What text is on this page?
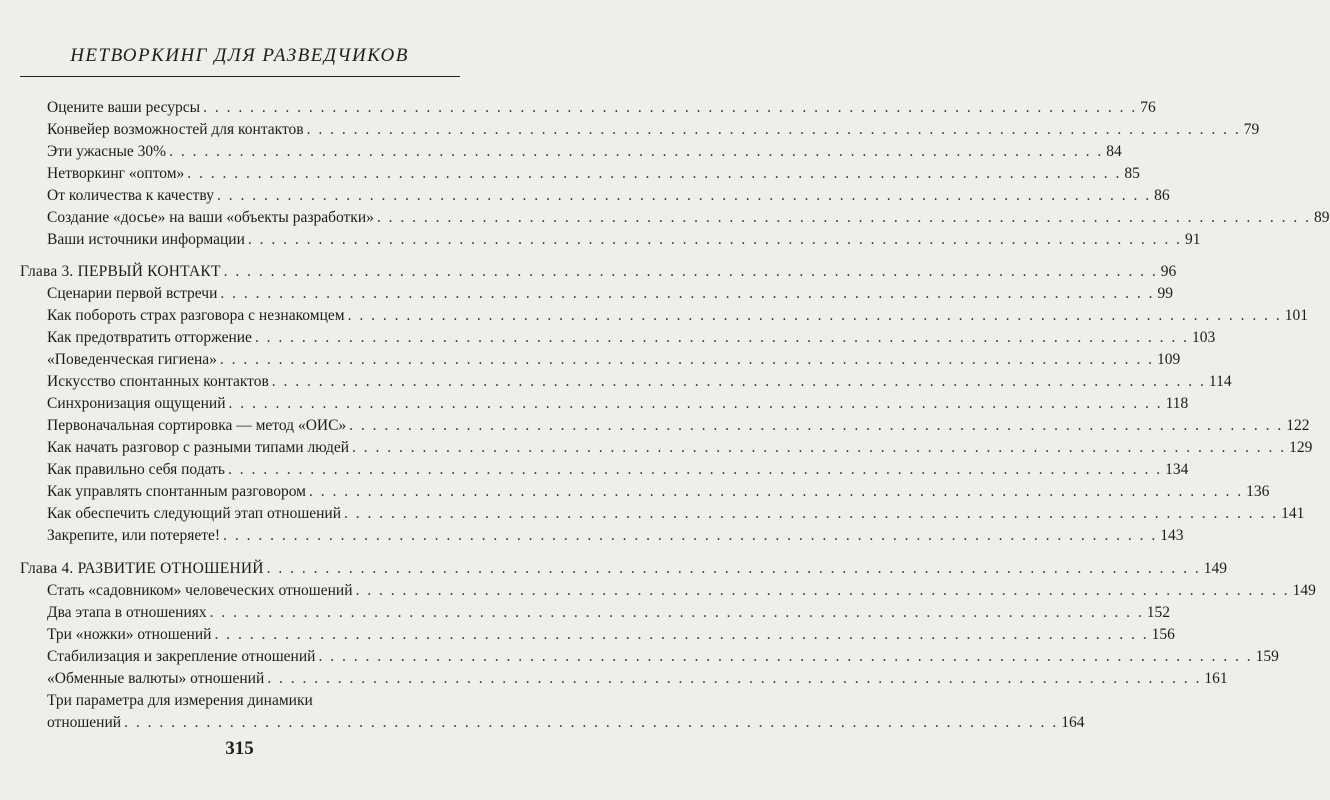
НЕТВОРКИНГ ДЛЯ РАЗВЕДЧИКОВ
Оцените ваши ресурсы . . . . . . . . . . . . . . . . . . . . . . . . . . . . . . . . . . . . . . . . . . . . . . . . . . . . . . . . . . . . . . . . . . . . . . . . . . . . . . . . 76
Конвейер возможностей для контактов . . . . . . . . . . . . . . . . . . . . . . . . . . . . . . . . . . . . . . . . . . . . . . . . . . . . . . . . . . . . . . . . . . . . . . . . . . . . . . . . 79
Эти ужасные 30% . . . . . . . . . . . . . . . . . . . . . . . . . . . . . . . . . . . . . . . . . . . . . . . . . . . . . . . . . . . . . . . . . . . . . . . . . . . . . . . . 84
Нетворкинг «оптом» . . . . . . . . . . . . . . . . . . . . . . . . . . . . . . . . . . . . . . . . . . . . . . . . . . . . . . . . . . . . . . . . . . . . . . . . . . . . . . . . 85
От количества к качеству . . . . . . . . . . . . . . . . . . . . . . . . . . . . . . . . . . . . . . . . . . . . . . . . . . . . . . . . . . . . . . . . . . . . . . . . . . . . . . . . 86
Создание «досье» на ваши «объекты разработки» . . . . . . . . . . . . . . . . . . . . . . . . . . . . . . . . . . . . . . . . . . . . . . . . . . . . . . . . . . . . . . . . . . . . . . . . . . . . . . . . 89
Ваши источники информации . . . . . . . . . . . . . . . . . . . . . . . . . . . . . . . . . . . . . . . . . . . . . . . . . . . . . . . . . . . . . . . . . . . . . . . . . . . . . . . . 91
Глава 3. ПЕРВЫЙ КОНТАКТ . . . . . . . . . . . . . . . . . . . . . . . . . . . . . . . . . . . . . . . . . . . . . . . . . . . . . . . . . . . . . . . . . . . . . . . . . . . . . . . . 96
Сценарии первой встречи . . . . . . . . . . . . . . . . . . . . . . . . . . . . . . . . . . . . . . . . . . . . . . . . . . . . . . . . . . . . . . . . . . . . . . . . . . . . . . . . 99
Как побороть страх разговора с незнакомцем . . . . . . . . . . . . . . . . . . . . . . . . . . . . . . . . . . . . . . . . . . . . . . . . . . . . . . . . . . . . . . . . . . . . . . . . . . . . . . . . 101
Как предотвратить отторжение . . . . . . . . . . . . . . . . . . . . . . . . . . . . . . . . . . . . . . . . . . . . . . . . . . . . . . . . . . . . . . . . . . . . . . . . . . . . . . . . 103
«Поведенческая гигиена» . . . . . . . . . . . . . . . . . . . . . . . . . . . . . . . . . . . . . . . . . . . . . . . . . . . . . . . . . . . . . . . . . . . . . . . . . . . . . . . . 109
Искусство спонтанных контактов . . . . . . . . . . . . . . . . . . . . . . . . . . . . . . . . . . . . . . . . . . . . . . . . . . . . . . . . . . . . . . . . . . . . . . . . . . . . . . . . 114
Синхронизация ощущений . . . . . . . . . . . . . . . . . . . . . . . . . . . . . . . . . . . . . . . . . . . . . . . . . . . . . . . . . . . . . . . . . . . . . . . . . . . . . . . . 118
Первоначальная сортировка — метод «ОИС» . . . . . . . . . . . . . . . . . . . . . . . . . . . . . . . . . . . . . . . . . . . . . . . . . . . . . . . . . . . . . . . . . . . . . . . . . . . . . . . . 122
Как начать разговор с разными типами людей . . . . . . . . . . . . . . . . . . . . . . . . . . . . . . . . . . . . . . . . . . . . . . . . . . . . . . . . . . . . . . . . . . . . . . . . . . . . . . . . 129
Как правильно себя подать . . . . . . . . . . . . . . . . . . . . . . . . . . . . . . . . . . . . . . . . . . . . . . . . . . . . . . . . . . . . . . . . . . . . . . . . . . . . . . . . 134
Как управлять спонтанным разговором . . . . . . . . . . . . . . . . . . . . . . . . . . . . . . . . . . . . . . . . . . . . . . . . . . . . . . . . . . . . . . . . . . . . . . . . . . . . . . . . 136
Как обеспечить следующий этап отношений . . . . . . . . . . . . . . . . . . . . . . . . . . . . . . . . . . . . . . . . . . . . . . . . . . . . . . . . . . . . . . . . . . . . . . . . . . . . . . . . 141
Закрепите, или потеряете! . . . . . . . . . . . . . . . . . . . . . . . . . . . . . . . . . . . . . . . . . . . . . . . . . . . . . . . . . . . . . . . . . . . . . . . . . . . . . . . . 143
Глава 4. РАЗВИТИЕ ОТНОШЕНИЙ . . . . . . . . . . . . . . . . . . . . . . . . . . . . . . . . . . . . . . . . . . . . . . . . . . . . . . . . . . . . . . . . . . . . . . . . . . . . . . . . 149
Стать «садовником» человеческих отношений . . . . . . . . . . . . . . . . . . . . . . . . . . . . . . . . . . . . . . . . . . . . . . . . . . . . . . . . . . . . . . . . . . . . . . . . . . . . . . . . 149
Два этапа в отношениях . . . . . . . . . . . . . . . . . . . . . . . . . . . . . . . . . . . . . . . . . . . . . . . . . . . . . . . . . . . . . . . . . . . . . . . . . . . . . . . . 152
Три «ножки» отношений . . . . . . . . . . . . . . . . . . . . . . . . . . . . . . . . . . . . . . . . . . . . . . . . . . . . . . . . . . . . . . . . . . . . . . . . . . . . . . . . 156
Стабилизация и закрепление отношений . . . . . . . . . . . . . . . . . . . . . . . . . . . . . . . . . . . . . . . . . . . . . . . . . . . . . . . . . . . . . . . . . . . . . . . . . . . . . . . . 159
«Обменные валюты» отношений . . . . . . . . . . . . . . . . . . . . . . . . . . . . . . . . . . . . . . . . . . . . . . . . . . . . . . . . . . . . . . . . . . . . . . . . . . . . . . . . 161
Три параметра для измерения динамики
отношений . . . . . . . . . . . . . . . . . . . . . . . . . . . . . . . . . . . . . . . . . . . . . . . . . . . . . . . . . . . . . . . . . . . . . . . . . . . . . . . . 164
315
